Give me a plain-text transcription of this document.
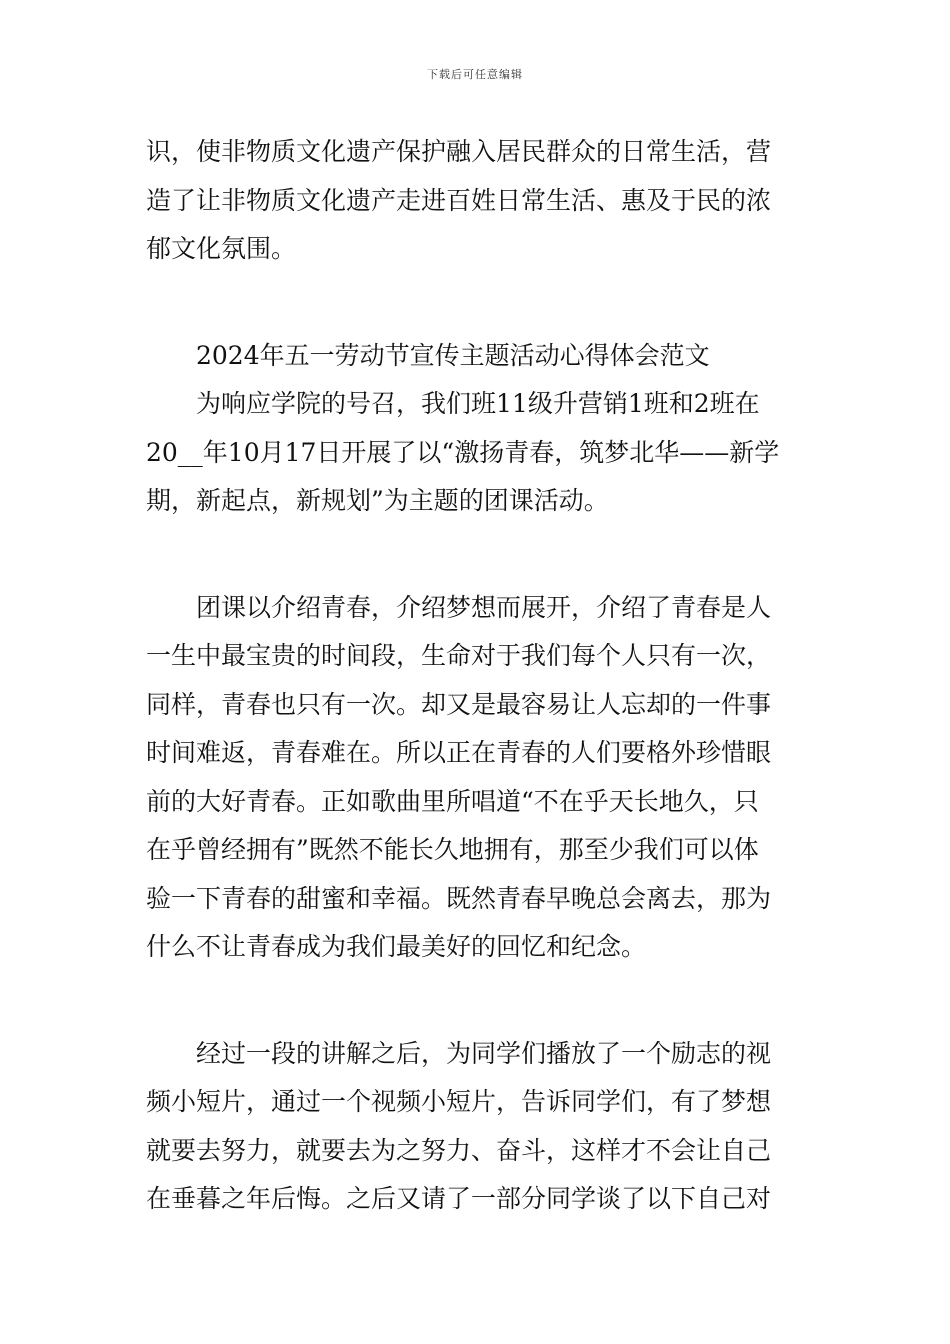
下载后可任意编辑
识，使非物质文化遗产保护融入居民群众的日常生活，营
造了让非物质文化遗产走进百姓日常生活、惠及于民的浓
郁文化氛围。
2024年五一劳动节宣传主题活动心得体会范文
为响应学院的号召，我们班11级升营销1班和2班在
20__年10月17日开展了以“激扬青春，筑梦北华——新学
期，新起点，新规划”为主题的团课活动。
团课以介绍青春，介绍梦想而展开，介绍了青春是人
一生中最宝贵的时间段，生命对于我们每个人只有一次，
同样，青春也只有一次。却又是最容易让人忘却的一件事
时间难返，青春难在。所以正在青春的人们要格外珍惜眼
前的大好青春。正如歌曲里所唱道“不在乎天长地久，只
在乎曾经拥有”既然不能长久地拥有，那至少我们可以体
验一下青春的甜蜜和幸福。既然青春早晚总会离去，那为
什么不让青春成为我们最美好的回忆和纪念。
经过一段的讲解之后，为同学们播放了一个励志的视
频小短片，通过一个视频小短片，告诉同学们，有了梦想
就要去努力，就要去为之努力、奋斗，这样才不会让自己
在垂暮之年后悔。之后又请了一部分同学谈了以下自己对
